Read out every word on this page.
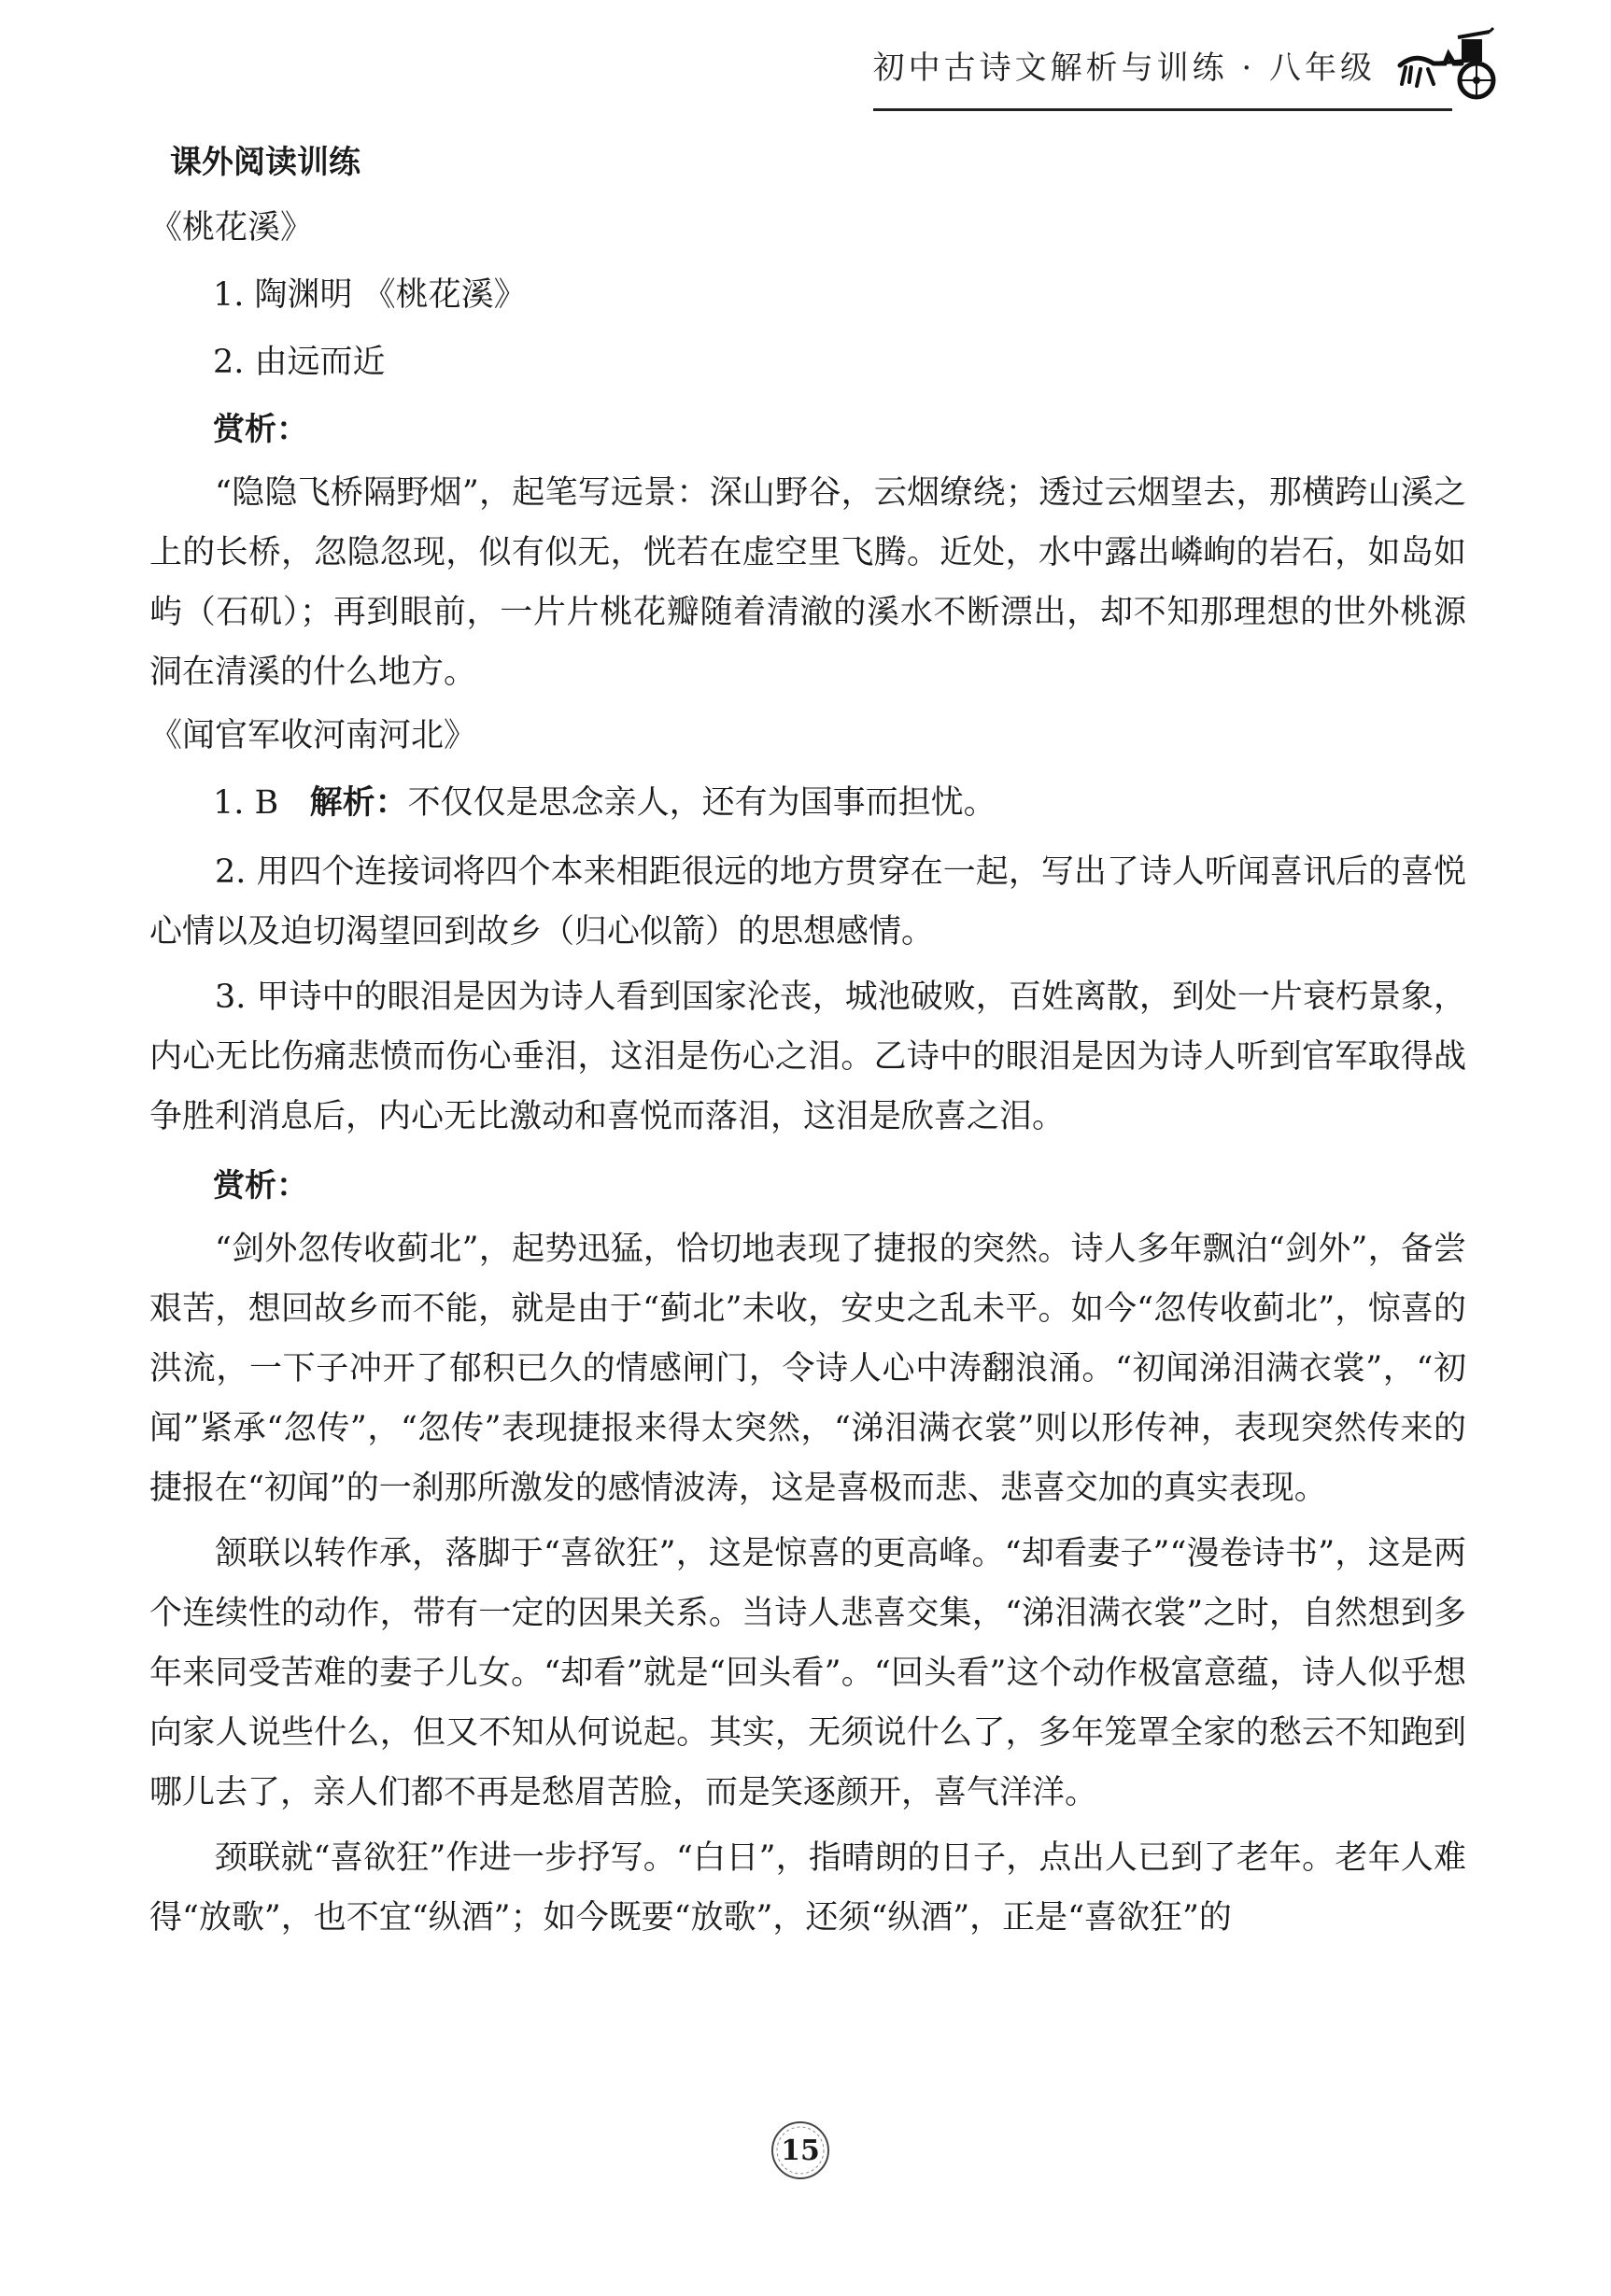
初中古诗文解析与训练 · 八年级

课外阅读训练

《桃花溪》

1. 陶渊明 《桃花溪》

2. 由远而近

赏析：

“隐隐飞桥隔野烟”，起笔写远景：深山野谷，云烟缭绕；透过云烟望去，那横跨山溪之上的长桥，忽隐忽现，似有似无，恍若在虚空里飞腾。近处，水中露出嶙峋的岩石，如岛如屿（石矶）；再到眼前，一片片桃花瓣随着清澈的溪水不断漂出，却不知那理想的世外桃源洞在清溪的什么地方。

《闻官军收河南河北》

1. B 解析：不仅仅是思念亲人，还有为国事而担忧。

2. 用四个连接词将四个本来相距很远的地方贯穿在一起，写出了诗人听闻喜讯后的喜悦心情以及迫切渴望回到故乡（归心似箭）的思想感情。

3. 甲诗中的眼泪是因为诗人看到国家沦丧，城池破败，百姓离散，到处一片衰朽景象，内心无比伤痛悲愤而伤心垂泪，这泪是伤心之泪。乙诗中的眼泪是因为诗人听到官军取得战争胜利消息后，内心无比激动和喜悦而落泪，这泪是欣喜之泪。

赏析：

“剑外忽传收蓟北”，起势迅猛，恰切地表现了捷报的突然。诗人多年飘泊“剑外”，备尝艰苦，想回故乡而不能，就是由于“蓟北”未收，安史之乱未平。如今“忽传收蓟北”，惊喜的洪流，一下子冲开了郁积已久的情感闸门，令诗人心中涛翻浪涌。“初闻涕泪满衣裳”，“初闻”紧承“忽传”，“忽传”表现捷报来得太突然，“涕泪满衣裳”则以形传神，表现突然传来的捷报在“初闻”的一刹那所激发的感情波涛，这是喜极而悲、悲喜交加的真实表现。

颔联以转作承，落脚于“喜欲狂”，这是惊喜的更高峰。“却看妻子”“漫卷诗书”，这是两个连续性的动作，带有一定的因果关系。当诗人悲喜交集，“涕泪满衣裳”之时，自然想到多年来同受苦难的妻子儿女。“却看”就是“回头看”。“回头看”这个动作极富意蕴，诗人似乎想向家人说些什么，但又不知从何说起。其实，无须说什么了，多年笼罩全家的愁云不知跑到哪儿去了，亲人们都不再是愁眉苦脸，而是笑逐颜开，喜气洋洋。

颈联就“喜欲狂”作进一步抒写。“白日”，指晴朗的日子，点出人已到了老年。老年人难得“放歌”，也不宜“纵酒”；如今既要“放歌”，还须“纵酒”，正是“喜欲狂”的

15
